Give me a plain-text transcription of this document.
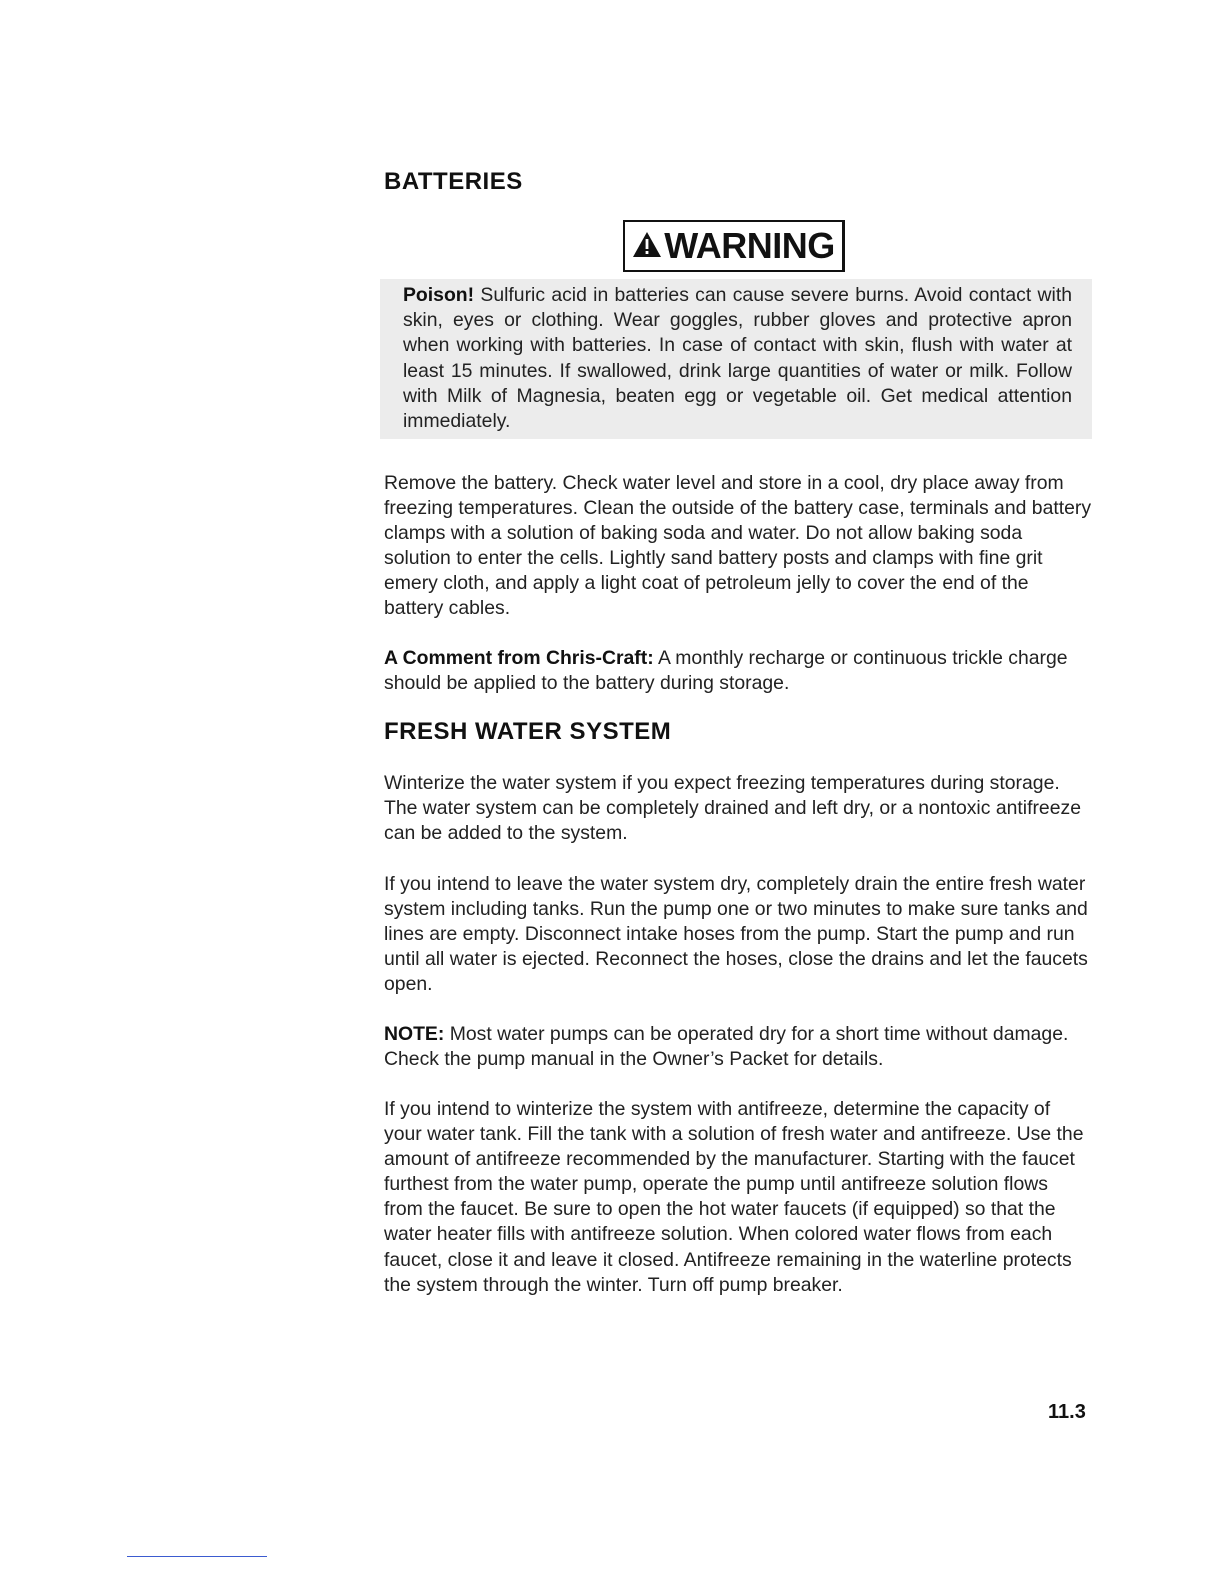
BATTERIES
WARNING
Poison! Sulfuric acid in batteries can cause severe burns. Avoid contact with skin, eyes or clothing. Wear goggles, rubber gloves and protective apron when working with batteries. In case of contact with skin, flush with water at least 15 minutes. If swallowed, drink large quantities of water or milk. Follow with Milk of Magnesia, beaten egg or vegetable oil. Get medical attention immediately.

Remove the battery. Check water level and store in a cool, dry place away from freezing temperatures. Clean the outside of the battery case, terminals and battery clamps with a solution of baking soda and water. Do not allow baking soda solution to enter the cells. Lightly sand battery posts and clamps with fine grit emery cloth, and apply a light coat of petroleum jelly to cover the end of the battery cables.

A Comment from Chris-Craft: A monthly recharge or continuous trickle charge should be applied to the battery during storage.

FRESH WATER SYSTEM

Winterize the water system if you expect freezing temperatures during storage. The water system can be completely drained and left dry, or a nontoxic antifreeze can be added to the system.

If you intend to leave the water system dry, completely drain the entire fresh water system including tanks. Run the pump one or two minutes to make sure tanks and lines are empty. Disconnect intake hoses from the pump. Start the pump and run until all water is ejected. Reconnect the hoses, close the drains and let the faucets open.

NOTE: Most water pumps can be operated dry for a short time without damage. Check the pump manual in the Owner’s Packet for details.

If you intend to winterize the system with antifreeze, determine the capacity of your water tank. Fill the tank with a solution of fresh water and antifreeze. Use the amount of antifreeze recommended by the manufacturer. Starting with the faucet furthest from the water pump, operate the pump until antifreeze solution flows from the faucet. Be sure to open the hot water faucets (if equipped) so that the water heater fills with antifreeze solution. When colored water flows from each faucet, close it and leave it closed. Antifreeze remaining in the waterline protects the system through the winter. Turn off pump breaker.

11.3
